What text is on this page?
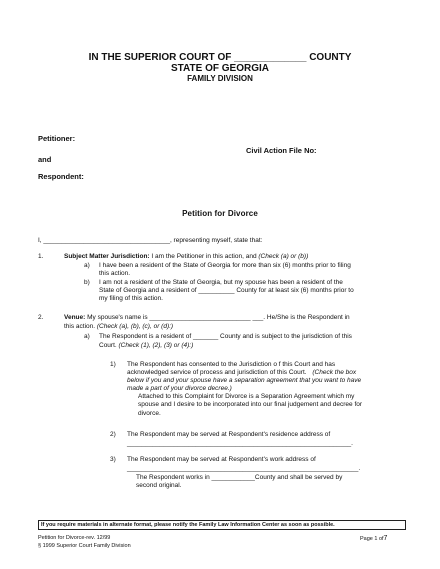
IN THE SUPERIOR COURT OF _____________ COUNTY
STATE OF GEORGIA
FAMILY DIVISION
Petitioner:
Civil Action File No:
and
Respondent:
Petition for Divorce
I, ___________________________________, representing myself, state that:
1.	Subject Matter Jurisdiction: I am the Petitioner in this action, and (Check (a) or (b))
a) I have been a resident of the State of Georgia for more than six (6) months prior to filing
this action.
b) I am not a resident of the State of Georgia, but my spouse has been a resident of the
State of Georgia and a resident of __________ County for at least six (6) months prior to
my filing of this action.
2.	Venue: My spouse's name is ____________________________ ___. He/She is the Respondent in
this action. (Check (a), (b), (c), or (d):)
a) The Respondent is a resident of _______ County and is subject to the jurisdiction of this
Court. (Check (1), (2), (3) or (4):)
1) The Respondent has consented to the Jurisdiction o f this Court and has
acknowledged service of process and jurisdiction of this Court. (Check the box
below if you and your spouse have a separation agreement that you want to have
made a part of your divorce decree.)
Attached to this Complaint for Divorce is a Separation Agreement which my
spouse and I desire to be incorporated into our final judgement and decree for
divorce.
2) The Respondent may be served at Respondent's residence address of
______________________________________________________________.
3) The Respondent may be served at Respondent's work address of
________________________________________________________________.
The Respondent works in ____________County and shall be served by
second original.
If you require materials in alternate format, please notify the Family Law Information Center as soon as possible.
Petition for Divorce-rev. 12/99
§ 1999 Superior Court Family Division
Page 1 of7
